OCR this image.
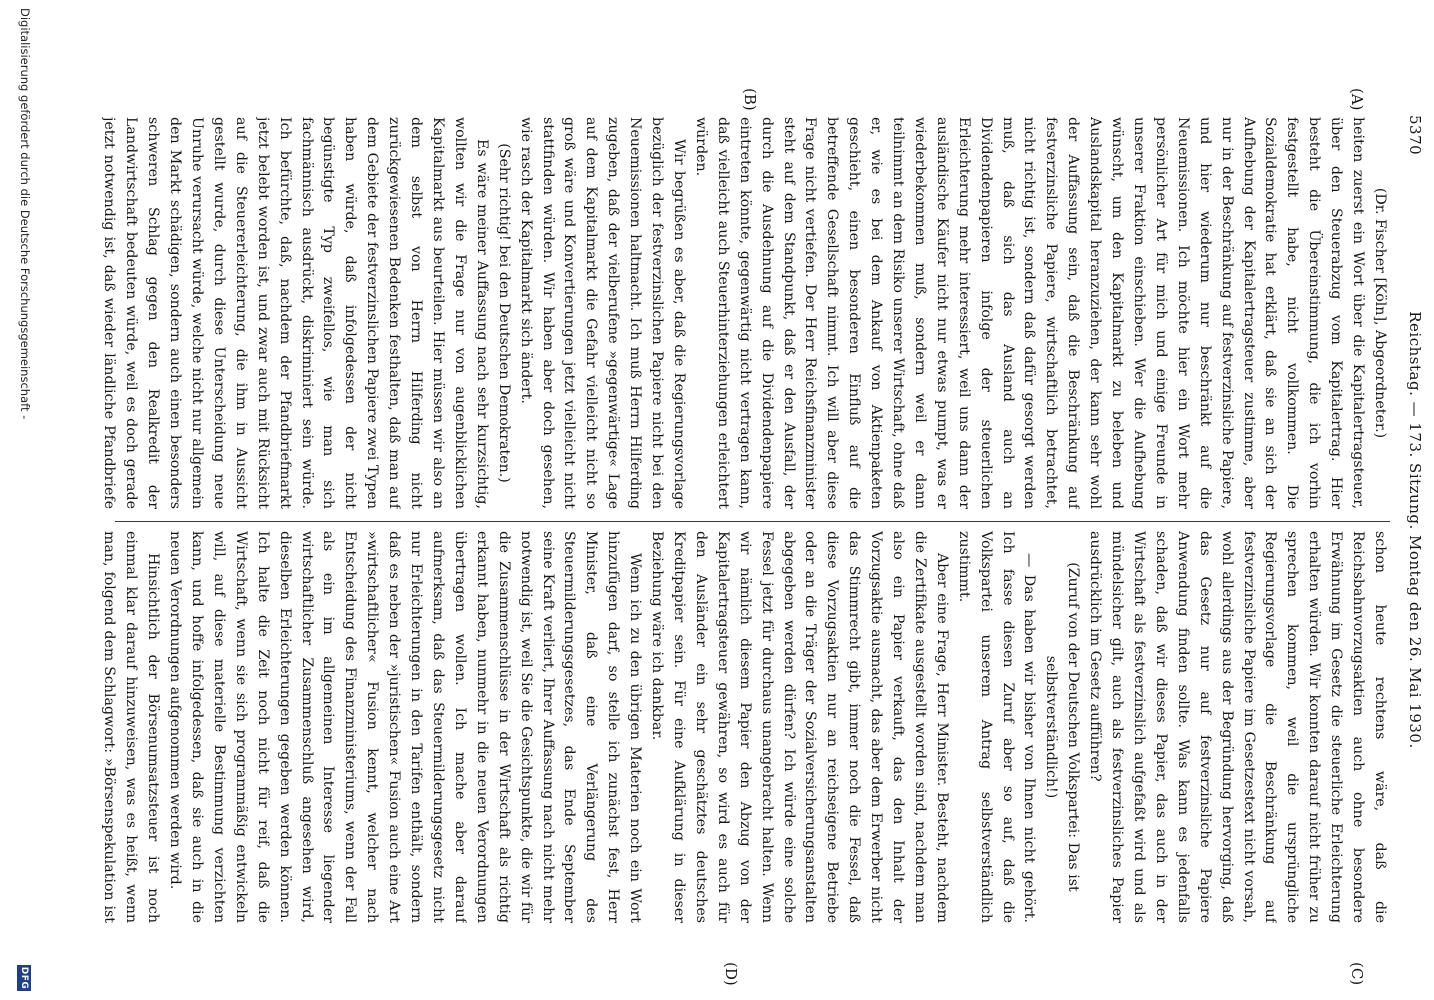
5370
Reichstag. — 173. Sitzung. Montag den 26. Mai 1930.
(A)
(B)
(C)
(D)

(Dr. Fischer [Köln], Abgeordneter.)

heiten zuerst ein Wort über die Kapitalertragsteuer, über den Steuerabzug vom Kapitalertrag. Hier besteht die Übereinstimmung, die ich vorhin festgestellt habe, nicht vollkommen. Die Sozialdemokratie hat erklärt, daß sie an sich der Aufhebung der Kapitalertragsteuer zustimme, aber nur in der Beschränkung auf festverzinsliche Papiere, und hier wiederum nur beschränkt auf die Neuemissionen. Ich möchte hier ein Wort mehr persönlicher Art für mich und einige Freunde in unserer Fraktion einschieben. Wer die Aufhebung wünscht, um den Kapitalmarkt zu beleben und Auslandskapital heranzuziehen, der kann sehr wohl der Auffassung sein, daß die Beschränkung auf festverzinsliche Papiere, wirtschaftlich betrachtet, nicht richtig ist, sondern daß dafür gesorgt werden muß, daß sich das Ausland auch an Dividendenpapieren infolge der steuerlichen Erleichterung mehr interessiert, weil uns dann der ausländische Käufer nicht nur etwas pumpt, was er wiederbekommen muß, sondern weil er dann teilnimmt an dem Risiko unserer Wirtschaft, ohne daß er, wie es bei dem Ankauf von Aktienpaketen geschieht, einen besonderen Einfluß auf die betreffende Gesellschaft nimmt. Ich will aber diese Frage nicht vertiefen. Der Herr Reichsfinanzminister steht auf dem Standpunkt, daß er den Ausfall, der durch die Ausdehnung auf die Dividendenpapiere eintreten könnte, gegenwärtig nicht vertragen kann, daß vielleicht auch Steuerhinterziehungen erleichtert würden.

Wir begrüßen es aber, daß die Regierungsvorlage bezüglich der festverzinslichen Papiere nicht bei den Neuemissionen haltmacht. Ich muß Herrn Hilferding zugeben, daß der vielberufene »gegenwärtige« Lage auf dem Kapitalmarkt die Gefahr vielleicht nicht so groß wäre und Konvertierungen jetzt vielleicht nicht stattfinden würden. Wir haben aber doch gesehen, wie rasch der Kapitalmarkt sich ändert.

(Sehr richtig! bei den Deutschen Demokraten.)

Es wäre meiner Auffassung nach sehr kurzsichtig, wollten wir die Frage nur von augenblicklichen Kapitalmarkt aus beurteilen. Hier müssen wir also an dem selbst von Herrn Hilferding nicht zurückgewiesenen Bedenken festhalten, daß man auf dem Gebiete der festverzinslichen Papiere zwei Typen haben würde, daß infolgedessen der nicht begünstigte Typ zweifellos, wie man sich fachmännisch ausdrückt, diskriminiert sein würde. Ich befürchte, daß, nachdem der Pfandbriefmarkt jetzt belebt worden ist, und zwar auch mit Rücksicht auf die Steuererleichterung, die ihm in Aussicht gestellt wurde, durch diese Unterscheidung neue Unruhe verursacht würde, welche nicht nur allgemein den Markt schädigen, sondern auch einen besonders schweren Schlag gegen den Realkredit der Landwirtschaft bedeuten würde, weil es doch gerade jetzt notwendig ist, daß wieder ländliche Pfandbriefe

schon heute rechtens wäre, daß die Reichsbahnvorzugsaktien auch ohne besondere Erwähnung im Gesetz die steuerliche Erleichterung erhalten würden. Wir konnten darauf nicht früher zu sprechen kommen, weil die ursprüngliche Regierungsvorlage die Beschränkung auf festverzinsliche Papiere im Gesetzestext nicht vorsah, wohl allerdings aus der Begründung hervorging, daß das Gesetz nur auf festverzinsliche Papiere Anwendung finden sollte. Was kann es jedenfalls schaden, daß wir dieses Papier, das auch in der Wirtschaft als festverzinslich aufgefaßt wird und als mündelsicher gilt, auch als festverzinsliches Papier ausdrücklich im Gesetz aufführen?

(Zuruf von der Deutschen Volkspartei: Das ist selbstverständlich!)

— Das haben wir bisher von Ihnen nicht gehört. Ich fasse diesen Zuruf aber so auf, daß die Volkspartei unserem Antrag selbstverständlich zustimmt.

Aber eine Frage, Herr Minister. Besteht, nachdem die Zertifikate ausgestellt worden sind, nachdem man also ein Papier verkauft, das den Inhalt der Vorzugsaktie ausmacht, das aber dem Erwerber nicht das Stimmrecht gibt, immer noch die Fessel, daß diese Vorzugsaktien nur an reichseigene Betriebe oder an die Träger der Sozialversicherungsanstalten abgegeben werden dürfen? Ich würde eine solche Fessel jetzt für durchaus unangebracht halten. Wenn wir nämlich diesem Papier den Abzug von der Kapitalertragsteuer gewähren, so wird es auch für den Ausländer ein sehr geschätztes deutsches Kreditpapier sein. Für eine Aufklärung in dieser Beziehung wäre ich dankbar.

Wenn ich zu den übrigen Materien noch ein Wort hinzufügen darf, so stelle ich zunächst fest, Herr Minister, daß eine Verlängerung des Steuermilderungsgesetzes, das Ende September seine Kraft verliert, Ihrer Auffassung nach nicht mehr notwendig ist, weil Sie die Gesichtspunkte, die wir für die Zusammenschlüsse in der Wirtschaft als richtig erkannt haben, nunmehr in die neuen Verordnungen übertragen wollen. Ich mache aber darauf aufmerksam, daß das Steuermilderungsgesetz nicht nur Erleichterungen in den Tarifen enthält, sondern daß es neben der »juristischen« Fusion auch eine Art »wirtschaftlicher« Fusion kennt, welcher nach Entscheidung des Finanzministeriums, wenn der Fall als ein im allgemeinen Interesse liegender wirtschaftlicher Zusammenschluß angesehen wird, dieselben Erleichterungen gegeben werden können. Ich halte die Zeit noch nicht für reif, daß die Wirtschaft, wenn sie sich programmäßig entwickeln will, auf diese materielle Bestimmung verzichten kann, und hoffe infolgedessen, daß sie auch in die neuen Verordnungen aufgenommen werden wird.

Hinsichtlich der Börsenumsatzsteuer ist noch einmal klar darauf hinzuweisen, was es heißt, wenn man, folgend dem Schlagwort: »Börsenspekulation ist

Digitalisierung gefördert durch die Deutsche Forschungsgemeinschaft -
DFG
